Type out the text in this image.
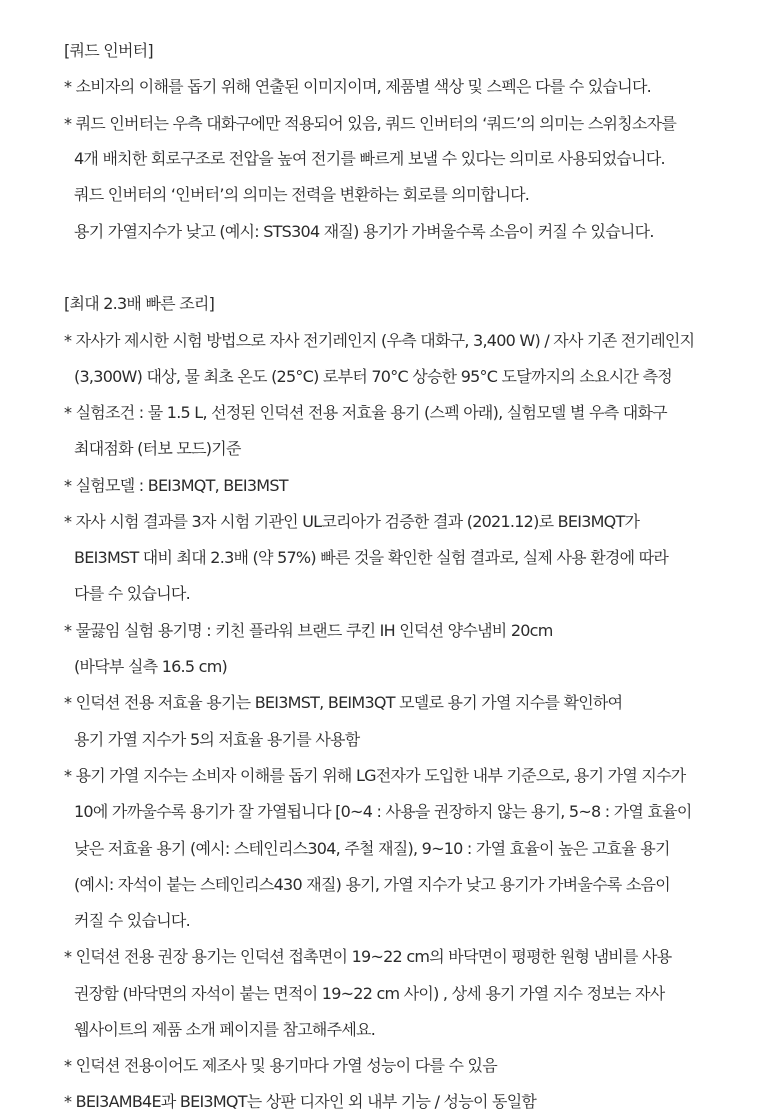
[쿼드 인버터]
* 소비자의 이해를 돕기 위해 연출된 이미지이며, 제품별 색상 및 스펙은 다를 수 있습니다.
* 쿼드 인버터는 우측 대화구에만 적용되어 있음, 쿼드 인버터의 ‘쿼드’의 의미는 스위칭소자를
4개 배치한 회로구조로 전압을 높여 전기를 빠르게 보낼 수 있다는 의미로 사용되었습니다.
쿼드 인버터의 ‘인버터’의 의미는 전력을 변환하는 회로를 의미합니다.
용기 가열지수가 낮고 (예시: STS304 재질) 용기가 가벼울수록 소음이 커질 수 있습니다.
[최대 2.3배 빠른 조리]
* 자사가 제시한 시험 방법으로 자사 전기레인지 (우측 대화구, 3,400 W) / 자사 기존 전기레인지
(3,300W) 대상, 물 최초 온도 (25°C) 로부터 70°C 상승한 95°C 도달까지의 소요시간 측정
* 실험조건 : 물 1.5 L, 선정된 인덕션 전용 저효율 용기 (스펙 아래), 실험모델 별 우측 대화구
최대점화 (터보 모드)기준
* 실험모델 : BEI3MQT, BEI3MST
* 자사 시험 결과를 3자 시험 기관인 UL코리아가 검증한 결과 (2021.12)로 BEI3MQT가
BEI3MST 대비 최대 2.3배 (약 57%) 빠른 것을 확인한 실험 결과로, 실제 사용 환경에 따라
다를 수 있습니다.
* 물끓임 실험 용기명 : 키친 플라워 브랜드 쿠킨 IH 인덕션 양수냄비 20cm
(바닥부 실측 16.5 cm)
* 인덕션 전용 저효율 용기는 BEI3MST, BEIM3QT 모델로 용기 가열 지수를 확인하여
용기 가열 지수가 5의 저효율 용기를 사용함
* 용기 가열 지수는 소비자 이해를 돕기 위해 LG전자가 도입한 내부 기준으로, 용기 가열 지수가
10에 가까울수록 용기가 잘 가열됩니다 [0~4 : 사용을 권장하지 않는 용기, 5~8 : 가열 효율이
낮은 저효율 용기 (예시: 스테인리스304, 주철 재질), 9~10 : 가열 효율이 높은 고효율 용기
(예시: 자석이 붙는 스테인리스430 재질) 용기, 가열 지수가 낮고 용기가 가벼울수록 소음이
커질 수 있습니다.
* 인덕션 전용 권장 용기는 인덕션 접촉면이 19~22 cm의 바닥면이 평평한 원형 냄비를 사용
권장함 (바닥면의 자석이 붙는 면적이 19~22 cm 사이) , 상세 용기 가열 지수 정보는 자사
웹사이트의 제품 소개 페이지를 참고해주세요.
* 인덕션 전용이어도 제조사 및 용기마다 가열 성능이 다를 수 있음
* BEI3AMB4E과 BEI3MQT는 상판 디자인 외 내부 기능 / 성능이 동일함
